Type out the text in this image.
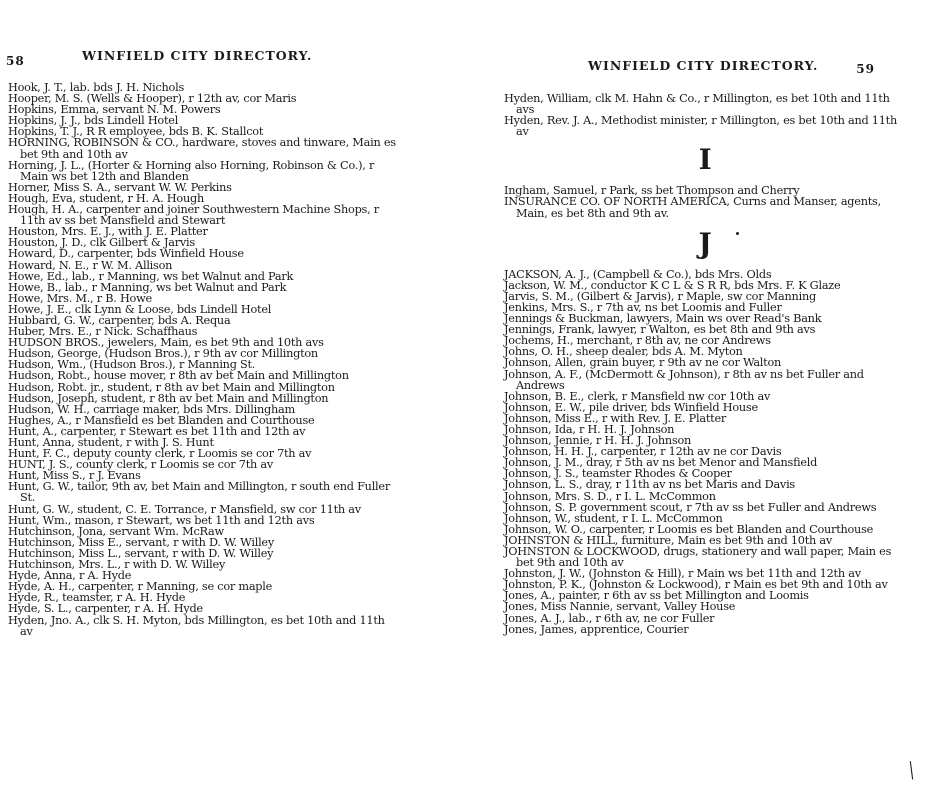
58	WINFIELD CITY DIRECTORY.
Hook, J. T., lab. bds J. H. Nichols
Hooper, M. S. (Wells & Hooper), r 12th av, cor Maris
Hopkins, Emma, servant N. M. Powers
Hopkins, J. J., bds Lindell Hotel
Hopkins, T. J., R R employee, bds B. K. Stallcot
HORNING, ROBINSON & CO., hardware, stoves and tinware, Main es bet 9th and 10th av
Horning, J. L., (Horter & Horning also Horning, Robinson & Co.), r Main ws bet 12th and Blanden
Horner, Miss S. A., servant W. W. Perkins
Hough, Eva, student, r H. A. Hough
Hough, H. A., carpenter and joiner Southwestern Machine Shops, r 11th av ss bet Mansfield and Stewart
Houston, Mrs. E. J., with J. E. Platter
Houston, J. D., clk Gilbert & Jarvis
Howard, D., carpenter, bds Winfield House
Howard, N. E., r W. M. Allison
Howe, Ed., lab., r Manning, ws bet Walnut and Park
Howe, B., lab., r Manning, ws bet Walnut and Park
Howe, Mrs. M., r B. Howe
Howe, J. E., clk Lynn & Loose, bds Lindell Hotel
Hubbard, G. W., carpenter, bds A. Requa
Huber, Mrs. E., r Nick. Schaffhaus
HUDSON BROS., jewelers, Main, es bet 9th and 10th avs
Hudson, George, (Hudson Bros.), r 9th av cor Millington
Hudson, Wm., (Hudson Bros.), r Manning St.
Hudson, Robt., house mover, r 8th av bet Main and Millington
Hudson, Robt. jr., student, r 8th av bet Main and Millington
Hudson, Joseph, student, r 8th av bet Main and Millington
Hudson, W. H., carriage maker, bds Mrs. Dillingham
Hughes, A., r Mansfield es bet Blanden and Courthouse
Hunt, A., carpenter, r Stewart es bet 11th and 12th av
Hunt, Anna, student, r with J. S. Hunt
Hunt, F. C., deputy county clerk, r Loomis se cor 7th av
HUNT, J. S., county clerk, r Loomis se cor 7th av
Hunt, Miss S., r J. Evans
Hunt, G. W., tailor, 9th av, bet Main and Millington, r south end Fuller St.
Hunt, G. W., student, C. E. Torrance, r Mansfield, sw cor 11th av
Hunt, Wm., mason, r Stewart, ws bet 11th and 12th avs
Hutchinson, Jona, servant Wm. McRaw
Hutchinson, Miss E., servant, r with D. W. Willey
Hutchinson, Miss L., servant, r with D. W. Willey
Hutchinson, Mrs. L., r with D. W. Willey
Hyde, Anna, r A. Hyde
Hyde, A. H., carpenter, r Manning, se cor maple
Hyde, R., teamster, r A. H. Hyde
Hyde, S. L., carpenter, r A. H. Hyde
Hyden, Jno. A., clk S. H. Myton, bds Millington, es bet 10th and 11th av
WINFIELD CITY DIRECTORY.	59
Hyden, William, clk M. Hahn & Co., r Millington, es bet 10th and 11th avs
Hyden, Rev. J. A., Methodist minister, r Millington, es bet 10th and 11th av
I
Ingham, Samuel, r Park, ss bet Thompson and Cherry
INSURANCE CO. OF NORTH AMERICA, Curns and Manser, agents, Main, es bet 8th and 9th av.
J
JACKSON, A. J., (Campbell & Co.), bds Mrs. Olds
Jackson, W. M., conductor K C L & S R R, bds Mrs. F. K Glaze
Jarvis, S. M., (Gilbert & Jarvis), r Maple, sw cor Manning
Jenkins, Mrs. S., r 7th av, ns bet Loomis and Fuller
Jennings & Buckman, lawyers, Main ws over Read's Bank
Jennings, Frank, lawyer, r Walton, es bet 8th and 9th avs
Jochems, H., merchant, r 8th av, ne cor Andrews
Johns, O. H., sheep dealer, bds A. M. Myton
Johnson, Allen, grain buyer, r 9th av ne cor Walton
Johnson, A. F., (McDermott & Johnson), r 8th av ns bet Fuller and Andrews
Johnson, B. E., clerk, r Mansfield nw cor 10th av
Johnson, E. W., pile driver, bds Winfield House
Johnson, Miss E., r with Rev. J. E. Platter
Johnson, Ida, r H. H. J. Johnson
Johnson, Jennie, r H. H. J. Johnson
Johnson, H. H. J., carpenter, r 12th av ne cor Davis
Johnson, J. M., dray, r 5th av ns bet Menor and Mansfield
Johnson, J. S., teamster Rhodes & Cooper
Johnson, L. S., dray, r 11th av ns bet Maris and Davis
Johnson, Mrs. S. D., r I. L. McCommon
Johnson, S. P. government scout, r 7th av ss bet Fuller and Andrews
Johnson, W., student, r I. L. McCommon
Johnson, W. O., carpenter, r Loomis es bet Blanden and Courthouse
JOHNSTON & HILL, furniture, Main es bet 9th and 10th av
JOHNSTON & LOCKWOOD, drugs, stationery and wall paper, Main es bet 9th and 10th av
Johnston, J. W., (Johnston & Hill), r Main ws bet 11th and 12th av
Johnston, P. K., (Johnston & Lockwood), r Main es bet 9th and 10th av
Jones, A., painter, r 6th av ss bet Millington and Loomis
Jones, Miss Nannie, servant, Valley House
Jones, A. J., lab., r 6th av, ne cor Fuller
Jones, James, apprentice, Courier
╲
